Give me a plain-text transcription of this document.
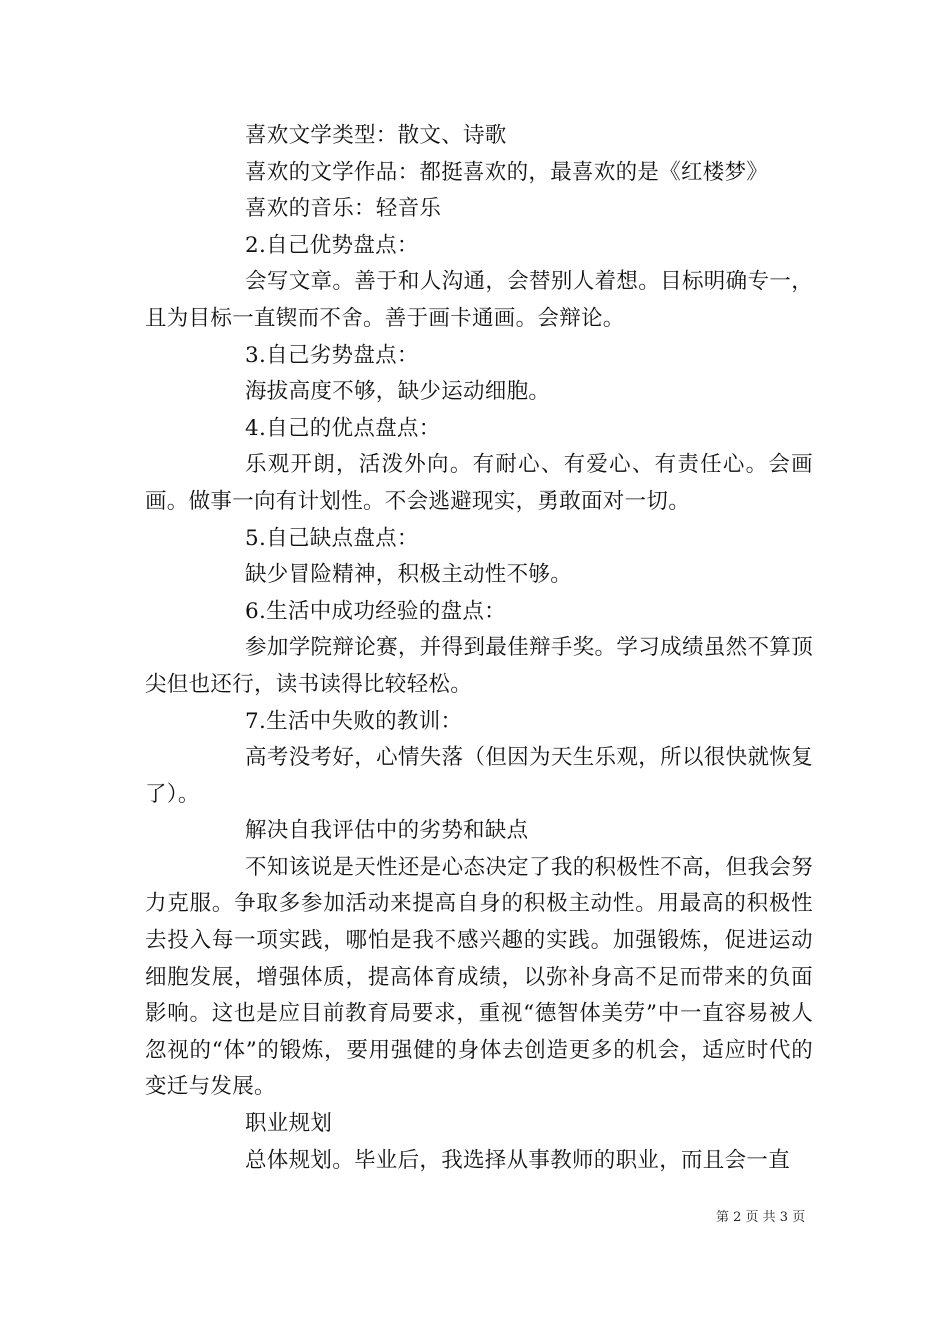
喜欢文学类型：散文、诗歌

喜欢的文学作品：都挺喜欢的，最喜欢的是《红楼梦》

喜欢的音乐：轻音乐

2.自己优势盘点：

会写文章。善于和人沟通，会替别人着想。目标明确专一，且为目标一直锲而不舍。善于画卡通画。会辩论。

3.自己劣势盘点：

海拔高度不够，缺少运动细胞。

4.自己的优点盘点：

乐观开朗，活泼外向。有耐心、有爱心、有责任心。会画画。做事一向有计划性。不会逃避现实，勇敢面对一切。

5.自己缺点盘点：

缺少冒险精神，积极主动性不够。

6.生活中成功经验的盘点：

参加学院辩论赛，并得到最佳辩手奖。学习成绩虽然不算顶尖但也还行，读书读得比较轻松。

7.生活中失败的教训：

高考没考好，心情失落（但因为天生乐观，所以很快就恢复了）。

解决自我评估中的劣势和缺点

不知该说是天性还是心态决定了我的积极性不高，但我会努力克服。争取多参加活动来提高自身的积极主动性。用最高的积极性去投入每一项实践，哪怕是我不感兴趣的实践。加强锻炼，促进运动细胞发展，增强体质，提高体育成绩，以弥补身高不足而带来的负面影响。这也是应目前教育局要求，重视“德智体美劳”中一直容易被人忽视的“体”的锻炼，要用强健的身体去创造更多的机会，适应时代的变迁与发展。

职业规划

总体规划。毕业后，我选择从事教师的职业，而且会一直

第 2 页 共 3 页
